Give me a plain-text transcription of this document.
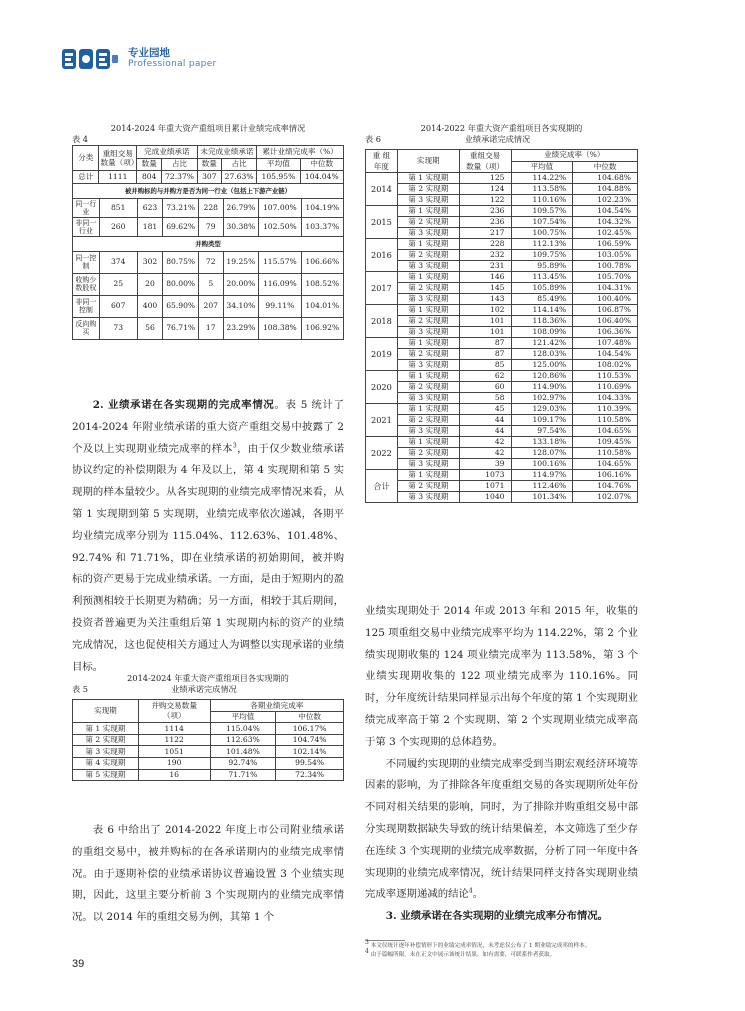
专业园地
Professional paper
2014-2024 年重大资产重组项目累计业绩完成率情况
表 4
分类	重组交易数量（项）	完成业绩承诺		未完成业绩承诺		累计业绩完成率（%）	
		数量	占比	数量	占比	平均值	中位数
总计	1111	804	72.37%	307	27.63%	105.95%	104.04%
被并购标的与并购方是否为同一行业（包括上下游产业链）
同一行业	851	623	73.21%	228	26.79%	107.00%	104.19%
非同一行业	260	181	69.62%	79	30.38%	102.50%	103.37%
并购类型
同一控制	374	302	80.75%	72	19.25%	115.57%	106.66%
收购少数股权	25	20	80.00%	5	20.00%	116.09%	108.52%
非同一控制	607	400	65.90%	207	34.10%	99.11%	104.01%
反向购买	73	56	76.71%	17	23.29%	108.38%	106.92%

2. 业绩承诺在各实现期的完成率情况。表 5 统计了 2014-2024 年附业绩承诺的重大资产重组交易中披露了 2 个及以上实现期业绩完成率的样本$^3$，由于仅少数业绩承诺协议约定的补偿期限为 4 年及以上，第 4 实现期和第 5 实现期的样本量较少。从各实现期的业绩完成率情况来看，从第 1 实现期到第 5 实现期，业绩完成率依次递减，各期平均业绩完成率分别为 115.04%、112.63%、101.48%、92.74% 和 71.71%，即在业绩承诺的初始期间，被并购标的资产更易于完成业绩承诺。一方面，是由于短期内的盈利预测相较于长期更为精确；另一方面，相较于其后期间，投资者普遍更为关注重组后第 1 实现期内标的资产的业绩完成情况，这也促使相关方通过人为调整以实现承诺的业绩目标。

2014-2024 年重大资产重组项目各实现期的
表 5	业绩承诺完成情况
实现期	并购交易数量
（项）	各期业绩完成率	
		平均值	中位数
第 1 实现期	1114	115.04%	106.17%
第 2 实现期	1122	112.63%	104.74%
第 3 实现期	1051	101.48%	102.14%
第 4 实现期	190	92.74%	99.54%
第 5 实现期	16	71.71%	72.34%

表 6 中给出了 2014-2022 年度上市公司附业绩承诺的重组交易中，被并购标的在各承诺期内的业绩完成率情况。由于逐期补偿的业绩承诺协议普遍设置 3 个业绩实现期，因此，这里主要分析前 3 个实现期内的业绩完成率情况。以 2014 年的重组交易为例，其第 1 个

2014-2022 年重大资产重组项目各实现期的
表 6	业绩承诺完成情况
重 组
年度	实现期	重组交易
数量（项）	业绩完成率（%）	
			平均值	中位数
2014	第 1 实现期	125	114.22%	104.68%
	第 2 实现期	124	113.58%	104.88%
	第 3 实现期	122	110.16%	102.23%
2015	第 1 实现期	236	109.57%	104.54%
	第 2 实现期	236	107.54%	104.32%
	第 3 实现期	217	100.75%	102.45%
2016	第 1 实现期	228	112.13%	106.59%
	第 2 实现期	232	109.75%	103.05%
	第 3 实现期	231	95.89%	100.78%
2017	第 1 实现期	146	113.45%	105.70%
	第 2 实现期	145	105.89%	104.31%
	第 3 实现期	143	85.49%	100.40%
2018	第 1 实现期	102	114.14%	106.87%
	第 2 实现期	101	118.36%	106.40%
	第 3 实现期	101	108.09%	106.36%
2019	第 1 实现期	87	121.42%	107.48%
	第 2 实现期	87	128.03%	104.54%
	第 3 实现期	85	125.00%	108.02%
2020	第 1 实现期	62	120.86%	110.53%
	第 2 实现期	60	114.90%	110.69%
	第 3 实现期	58	102.97%	104.33%
2021	第 1 实现期	45	129.03%	110.39%
	第 2 实现期	44	109.17%	110.58%
	第 3 实现期	44	97.54%	104.65%
2022	第 1 实现期	42	133.18%	109.45%
	第 2 实现期	42	128.07%	110.58%
	第 3 实现期	39	100.16%	104.65%
合计	第 1 实现期	1073	114.97%	106.16%
	第 2 实现期	1071	112.46%	104.76%
	第 3 实现期	1040	101.34%	102.07%

业绩实现期处于 2014 年或 2013 年和 2015 年，收集的 125 项重组交易中业绩完成率平均为 114.22%，第 2 个业绩实现期收集的 124 项业绩完成率为 113.58%，第 3 个业绩实现期收集的 122 项业绩完成率为 110.16%。同时，分年度统计结果同样显示出每个年度的第 1 个实现期业绩完成率高于第 2 个实现期、第 2 个实现期业绩完成率高于第 3 个实现期的总体趋势。

不同履约实现期的业绩完成率受到当期宏观经济环境等因素的影响，为了排除各年度重组交易的各实现期所处年份不同对相关结果的影响，同时，为了排除并购重组交易中部分实现期数据缺失导致的统计结果偏差，本文筛选了至少存在连续 3 个实现期的业绩完成率数据，分析了同一年度中各实现期的业绩完成率情况，统计结果同样支持各实现期业绩完成率逐期递减的结论$^4$。

3. 业绩承诺在各实现期的业绩完成率分布情况。

$^3$ 本文仅统计逐年补偿情形下的业绩完成率情况，未考虑仅公布了 1 期业绩完成率的样本。
$^4$ 由于篇幅所限，未在正文中展示该统计结果。如有需要，可联系作者获取。
39
